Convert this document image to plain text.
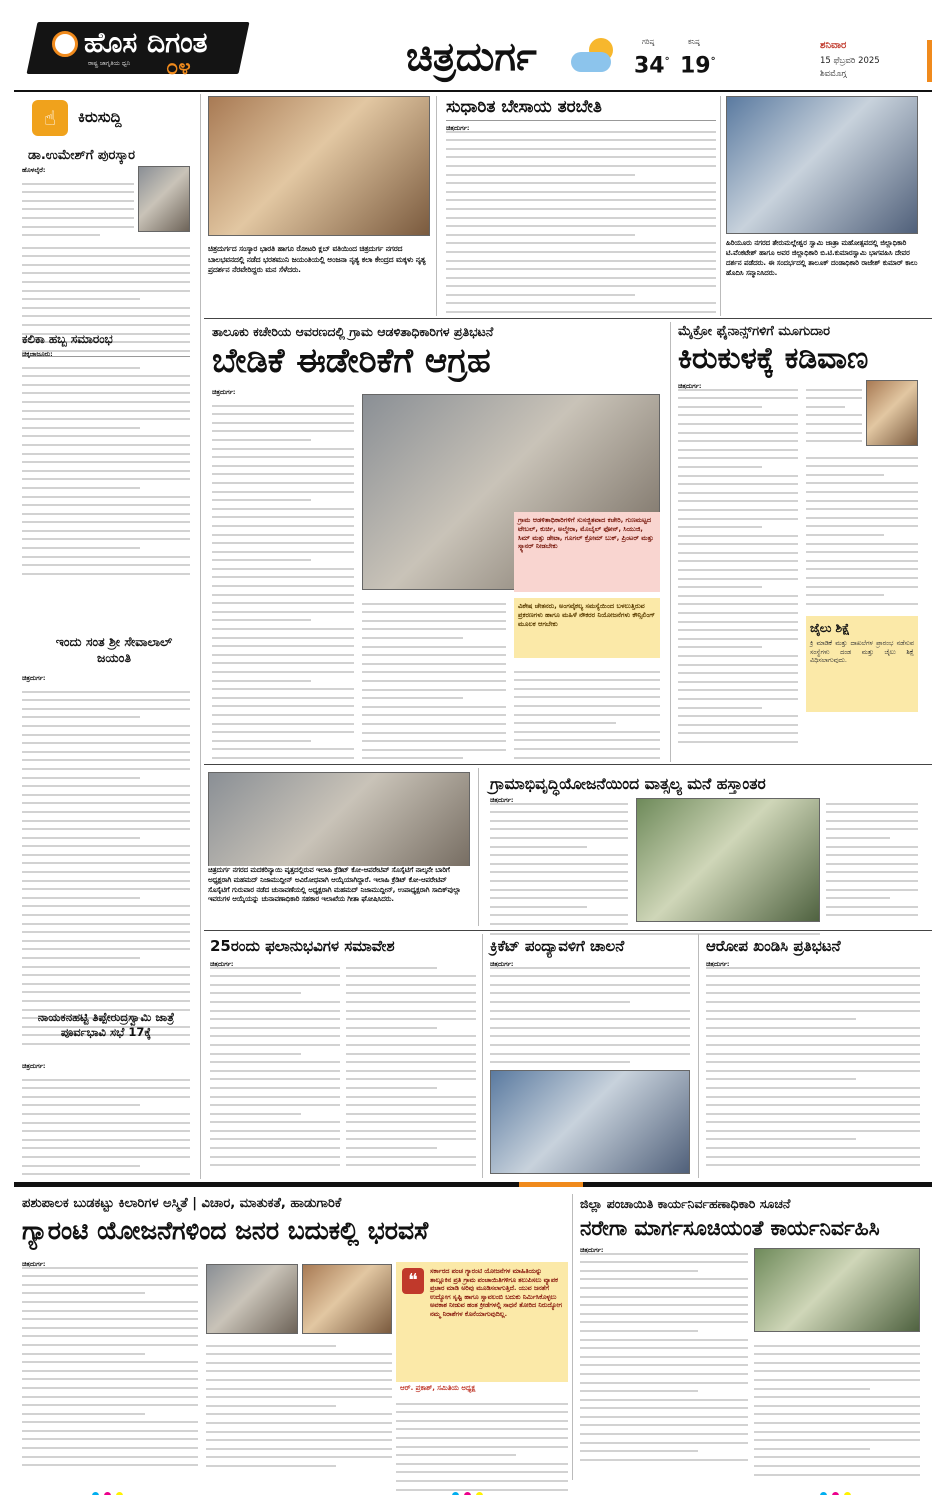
ಹೊಸ ದಿಗಂತ
ರಾಷ್ಟ್ರ ಜಾಗೃತಿಯ ಧ್ವನಿ ೦೪	ಚಿತ್ರದುರ್ಗ	ಗರಿಷ್ಠ
34°
ಕನಿಷ್ಠ
19°
ಶನಿವಾರ
15 ಫೆಬ್ರವರಿ 2025
ಶಿವಮೊಗ್ಗ
☝	ಕಿರುಸುದ್ದಿ
ಡಾ.ಉಮೇಶ್‌ಗೆ ಪುರಸ್ಕಾರ
ಹೊಳಲ್ಕೆರೆ:
ಕಲಿಕಾ ಹಬ್ಬ ಸಮಾರಂಭ
ಚಿಕ್ಕಜಾಜೂರು:
ಇಂದು ಸಂತ ಶ್ರೀ ಸೇವಾಲಾಲ್ ಜಯಂತಿ
ಚಿತ್ರದುರ್ಗ:
ನಾಯಕನಹಟ್ಟಿ ತಿಪ್ಪೇರುದ್ರಸ್ವಾಮಿ ಜಾತ್ರೆ ಪೂರ್ವಭಾವಿ ಸಭೆ 17ಕ್ಕೆ
ಚಿತ್ರದುರ್ಗ:
ಚಿತ್ರದುರ್ಗದ ಸಂಸ್ಕಾರ ಭಾರತಿ ಹಾಗೂ ರೋಟರಿ ಕ್ಲಬ್ ವತಿಯಿಂದ ಚಿತ್ರದುರ್ಗ ನಗರದ ಬಾಲಭವನದಲ್ಲಿ ನಡೆದ ಭರತಮುನಿ ಜಯಂತಿಯಲ್ಲಿ ಅಂಜನಾ ನೃತ್ಯ ಕಲಾ ಕೇಂದ್ರದ ಮಕ್ಕಳು ನೃತ್ಯ ಪ್ರದರ್ಶನ ನೆರವೇರಿದ್ದರು ಮನ ಸೆಳೆದರು.
ಸುಧಾರಿತ ಬೇಸಾಯ ತರಬೇತಿ
ಚಿತ್ರದುರ್ಗ:
ಹಿರಿಯೂರು ನಗರದ ತೇರುಮಲ್ಲೇಶ್ವರ ಸ್ವಾಮಿ ಜಾತ್ರಾ ಮಹೋತ್ಸವದಲ್ಲಿ ಜಿಲ್ಲಾಧಿಕಾರಿ ಟಿ.ವೆಂಕಟೇಶ್ ಹಾಗೂ ಅವರ ಜಿಲ್ಲಾಧಿಕಾರಿ ಬಿ.ಟಿ.ಕುಮಾರಸ್ವಾಮಿ ಭಾಗವಹಿಸಿ ದೇವರ ದರ್ಶನ ಪಡೆದರು. ಈ ಸಂದರ್ಭದಲ್ಲಿ ತಾಲೂಕ್ ದಂಡಾಧಿಕಾರಿ ರಾಜೇಶ್ ಕುಮಾರ್ ಕಾಲು ಹೊದಿಸಿ ಸನ್ಮಾನಿಸಿದರು.
ತಾಲೂಕು ಕಚೇರಿಯ ಆವರಣದಲ್ಲಿ ಗ್ರಾಮ ಆಡಳಿತಾಧಿಕಾರಿಗಳ ಪ್ರತಿಭಟನೆ
ಬೇಡಿಕೆ ಈಡೇರಿಕೆಗೆ ಆಗ್ರಹ
ಚಿತ್ರದುರ್ಗ:
ಗ್ರಾಮ ಆಡಳಿತಾಧಿಕಾರಿಗಳಿಗೆ ಸುಸಜ್ಜಿತವಾದ ಕಚೇರಿ, ಗುಣಮಟ್ಟದ ಟೇಬಲ್, ಕುರ್ಚಿ, ಅಲ್ಮೇರಾ, ಮೊಬೈಲ್ ಫೋನ್, ಸಿಯುಜಿ, ಸಿಮ್ ಮತ್ತು ಡೇಟಾ, ಗೂಗಲ್ ಕ್ರೋಮ್ ಬುಕ್, ಪ್ರಿಂಟರ್ ಮತ್ತು ಸ್ಕ್ಯಾನರ್ ನೀಡಬೇಕು
ವಿಶೇಷ ಚೇತನರು, ಅಂಗವೈಕಲ್ಯ ಸಮಸ್ಯೆಯಿಂದ ಬಳಲುತ್ತಿರುವ ಪ್ರಕರಣಗಳು ಹಾಗೂ ಮಹಿಳೆ ನೌಕರರ ನಿಯೋಜನೆಗಳು ಕೌನ್ಸಿಲಿಂಗ್ ಮೂಲಕ ಆಗಬೇಕು
ಮೈಕ್ರೋ ಫೈನಾನ್ಸ್‌ಗಳಿಗೆ ಮೂಗುದಾರ
ಕಿರುಕುಳಕ್ಕೆ ಕಡಿವಾಣ
ಚಿತ್ರದುರ್ಗ:
ಜೈಲು ಶಿಕ್ಷೆ
ಕ್ರಿ ಮಾಡಿಕೆ ಮತ್ತು ದಾಖಲೆಗಳ ಪ್ರಾರಂಭ ನಡೆಸುವ ಸಂಸ್ಥೆಗಳು ದಂಡ ಮತ್ತು ಜೈಲು ಶಿಕ್ಷೆ ವಿಧಿಸಲಾಗುವುದು.
ಚಿತ್ರದುರ್ಗ ನಗರದ ಮದಕರಿನ್ಯಾಯಿ ವೃತ್ತದಲ್ಲಿರುವ ಇಲಾಹಿ ಕ್ರೆಡಿಟ್ ಕೋ-ಆಪರೇಟಿವ್ ಸೊಸೈಟಿಗೆ ನಾಲ್ಕನೇ ಬಾರಿಗೆ ಅಧ್ಯಕ್ಷರಾಗಿ ಮಹಮದ್ ನಿಜಾಮುದ್ದೀನ್ ಅವಿರೋಧವಾಗಿ ಆಯ್ಕೆಯಾಗಿದ್ದಾರೆ. ಇಲಾಹಿ ಕ್ರೆಡಿಟ್ ಕೋ-ಆಪರೇಟಿವ್ ಸೊಸೈಟಿಗೆ ಗುರುವಾರ ನಡೆದ ಚುನಾವಣೆಯಲ್ಲಿ ಅಧ್ಯಕ್ಷರಾಗಿ ಮಹಮದ್ ನಿಜಾಮುದ್ದೀನ್, ಉಪಾಧ್ಯಕ್ಷರಾಗಿ ಸಾದಿಕ್‌ವುಲ್ಲಾ ಇವರುಗಳ ಆಯ್ಕೆಯನ್ನು ಚುನಾವಣಾಧಿಕಾರಿ ಸಹಕಾರ ಇಲಾಖೆಯ ಗೀತಾ ಘೋಷಿಸಿದರು.
ಗ್ರಾಮಾಭಿವೃದ್ಧಿಯೋಜನೆಯಿಂದ ವಾತ್ಸಲ್ಯ ಮನೆ ಹಸ್ತಾಂತರ
ಚಿತ್ರದುರ್ಗ:
25ರಂದು ಫಲಾನುಭವಿಗಳ ಸಮಾವೇಶ
ಚಿತ್ರದುರ್ಗ:
ಕ್ರಿಕೆಟ್ ಪಂದ್ಯಾವಳಿಗೆ ಚಾಲನೆ
ಚಿತ್ರದುರ್ಗ:
ಆರೋಪ ಖಂಡಿಸಿ ಪ್ರತಿಭಟನೆ
ಚಿತ್ರದುರ್ಗ:
ಪಶುಪಾಲಕ ಬುಡಕಟ್ಟು ಕಿಲಾರಿಗಳ ಅಸ್ಮಿತೆ | ವಿಚಾರ, ಮಾತುಕತೆ, ಹಾಡುಗಾರಿಕೆ
ಗ್ಯಾರಂಟಿ ಯೋಜನೆಗಳಿಂದ ಜನರ ಬದುಕಲ್ಲಿ ಭರವಸೆ
ಚಿತ್ರದುರ್ಗ:
❝	ಸರ್ಕಾರದ ಪಂಚ ಗ್ಯಾರಂಟಿ ಯೋಜನೆಗಳ ಮಾಹಿತಿಯನ್ನು ತಾಲ್ಲೂಕಿನ ಪ್ರತಿ ಗ್ರಾಮ ಪಂಚಾಯಿತಿಗಳಿಗೂ ತಲುಪಿಸಲು ವ್ಯಾಪಕ ಪ್ರಚಾರ ಮಾಡಿ ಅರಿವು ಮೂಡಿಸಲಾಗುತ್ತಿದೆ. ಯುವ ಜನತೆಗೆ ಉದ್ಯೋಗ ಸೃಷ್ಟಿ ಹಾಗೂ ಸ್ವಾವಲಂಬಿ ಬದುಕು ನಿರ್ಮಿಸಿಕೊಳ್ಳಲು ಅವಕಾಶ ನೀಡುವ ಹಂತ ಕ್ರೀಡೆಗಳಲ್ಲಿ ಸಾಧನೆ ತೋರಿದ ನಿರುದ್ಯೋಗ ನಮ್ಮ ನಿರಾಶೆಗಳ ಕೊನೆಯಾಗುವುದಿಲ್ಲ.
ಆರ್. ಪ್ರಕಾಶ್, ಸಮಿತಿಯ ಅಧ್ಯಕ್ಷ
ಜಿಲ್ಲಾ ಪಂಚಾಯಿತಿ ಕಾರ್ಯನಿರ್ವಹಣಾಧಿಕಾರಿ ಸೂಚನೆ
ನರೇಗಾ ಮಾರ್ಗಸೂಚಿಯಂತೆ ಕಾರ್ಯನಿರ್ವಹಿಸಿ
ಚಿತ್ರದುರ್ಗ:
